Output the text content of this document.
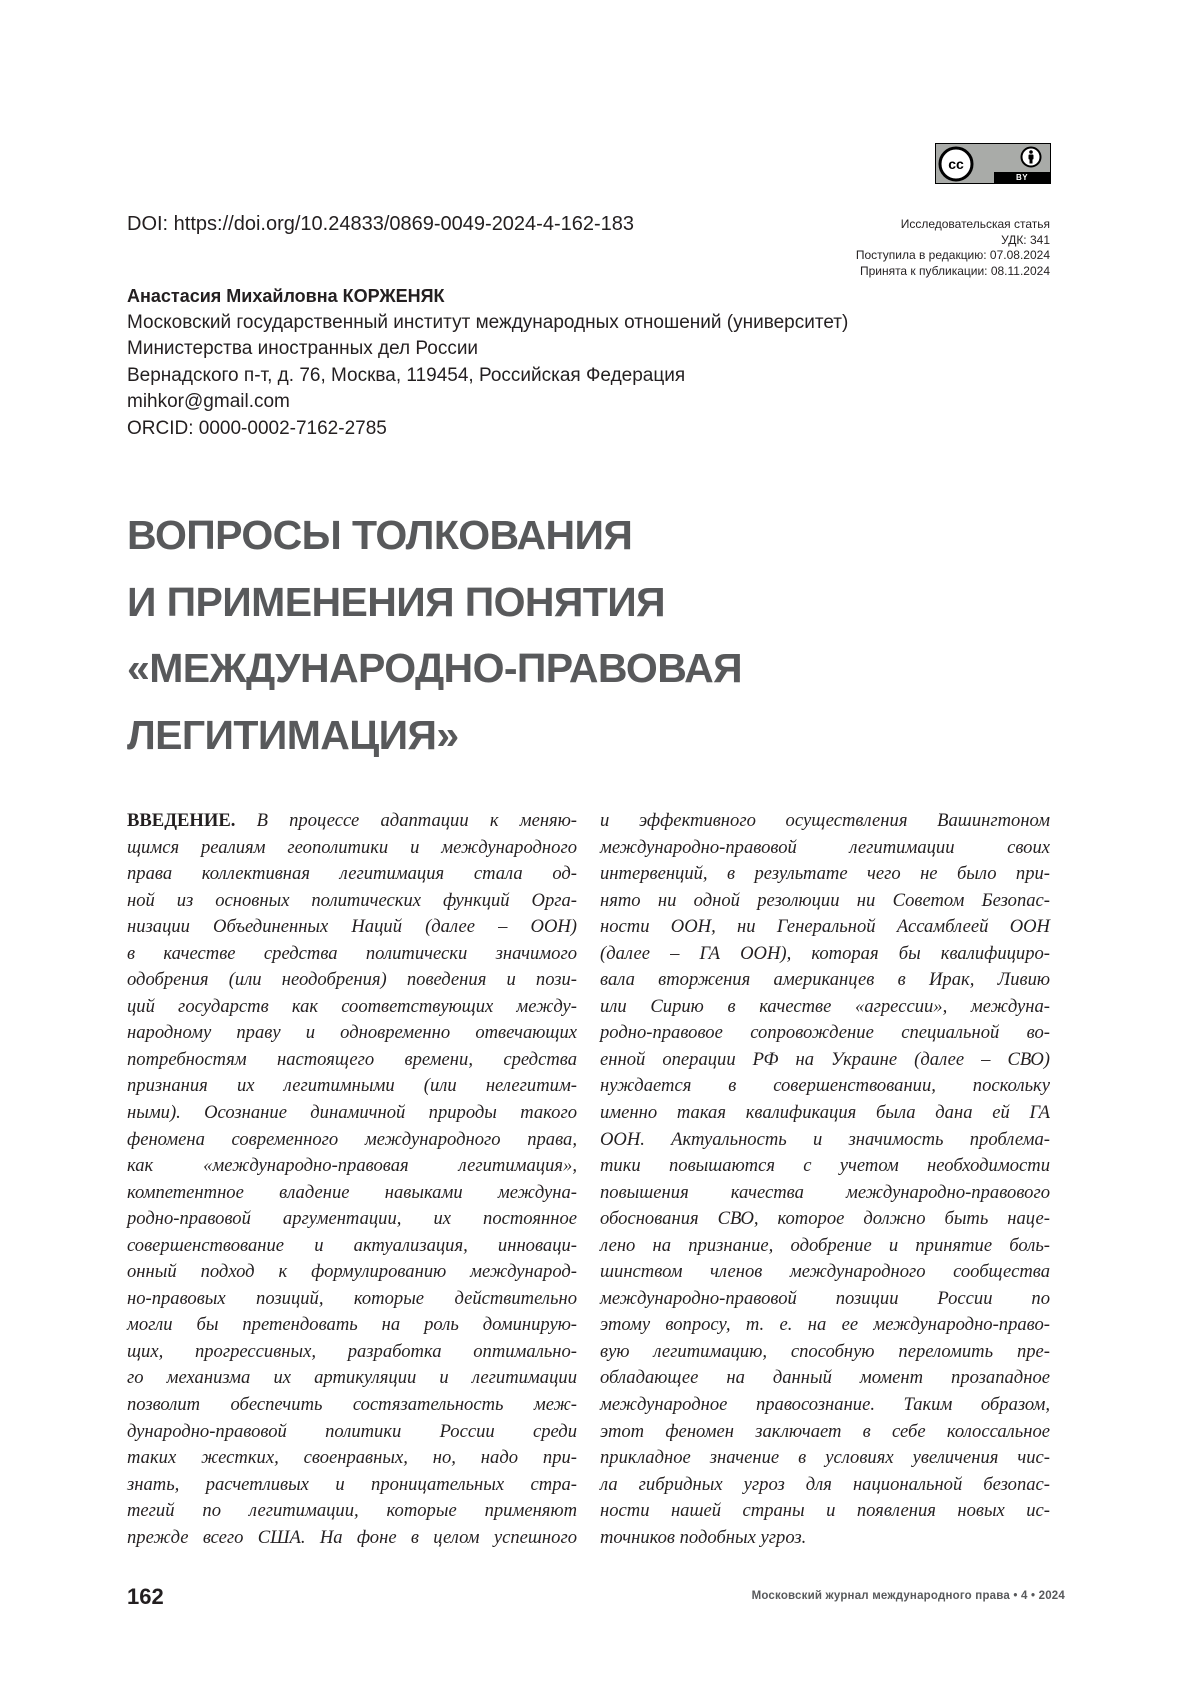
cc
BY
DOI: https://doi.org/10.24833/0869-0049-2024-4-162-183	Исследовательская статья
УДК: 341
Поступила в редакцию: 07.08.2024
Принята к публикации: 08.11.2024
Анастасия Михайловна КОРЖЕНЯК
Московский государственный институт международных отношений (университет)
Министерства иностранных дел России
Вернадского п-т, д. 76, Москва, 119454, Российская Федерация
mihkor@gmail.com
ORCID: 0000-0002-7162-2785
ВОПРОСЫ ТОЛКОВАНИЯ
И ПРИМЕНЕНИЯ ПОНЯТИЯ
«МЕЖДУНАРОДНО-ПРАВОВАЯ
ЛЕГИТИМАЦИЯ»
ВВЕДЕНИЕ. В процессе адаптации к меняю-
щимся реалиям геополитики и международного
права коллективная легитимация стала од-
ной из основных политических функций Орга-
низации Объединенных Наций (далее – ООН)
в качестве средства политически значимого
одобрения (или неодобрения) поведения и пози-
ций государств как соответствующих между-
народному праву и одновременно отвечающих
потребностям настоящего времени, средства
признания их легитимными (или нелегитим-
ными). Осознание динамичной природы такого
феномена современного международного права,
как «международно-правовая легитимация»,
компетентное владение навыками междуна-
родно-правовой аргументации, их постоянное
совершенствование и актуализация, инноваци-
онный подход к формулированию международ-
но-правовых позиций, которые действительно
могли бы претендовать на роль доминирую-
щих, прогрессивных, разработка оптимально-
го механизма их артикуляции и легитимации
позволит обеспечить состязательность меж-
дународно-правовой политики России среди
таких жестких, своенравных, но, надо при-
знать, расчетливых и проницательных стра-
тегий по легитимации, которые применяют
прежде всего США. На фоне в целом успешного
и эффективного осуществления Вашингтоном
международно-правовой легитимации своих
интервенций, в результате чего не было при-
нято ни одной резолюции ни Советом Безопас-
ности ООН, ни Генеральной Ассамблеей ООН
(далее – ГА ООН), которая бы квалифициро-
вала вторжения американцев в Ирак, Ливию
или Сирию в качестве «агрессии», междуна-
родно-правовое сопровождение специальной во-
енной операции РФ на Украине (далее – СВО)
нуждается в совершенствовании, поскольку
именно такая квалификация была дана ей ГА
ООН. Актуальность и значимость проблема-
тики повышаются с учетом необходимости
повышения качества международно-правового
обоснования СВО, которое должно быть наце-
лено на признание, одобрение и принятие боль-
шинством членов международного сообщества
международно-правовой позиции России по
этому вопросу, т. е. на ее международно-право-
вую легитимацию, способную переломить пре-
обладающее на данный момент прозападное
международное правосознание. Таким образом,
этот феномен заключает в себе колоссальное
прикладное значение в условиях увеличения чис-
ла гибридных угроз для национальной безопас-
ности нашей страны и появления новых ис-
точников подобных угроз.
162	Московский журнал международного права • 4 • 2024
